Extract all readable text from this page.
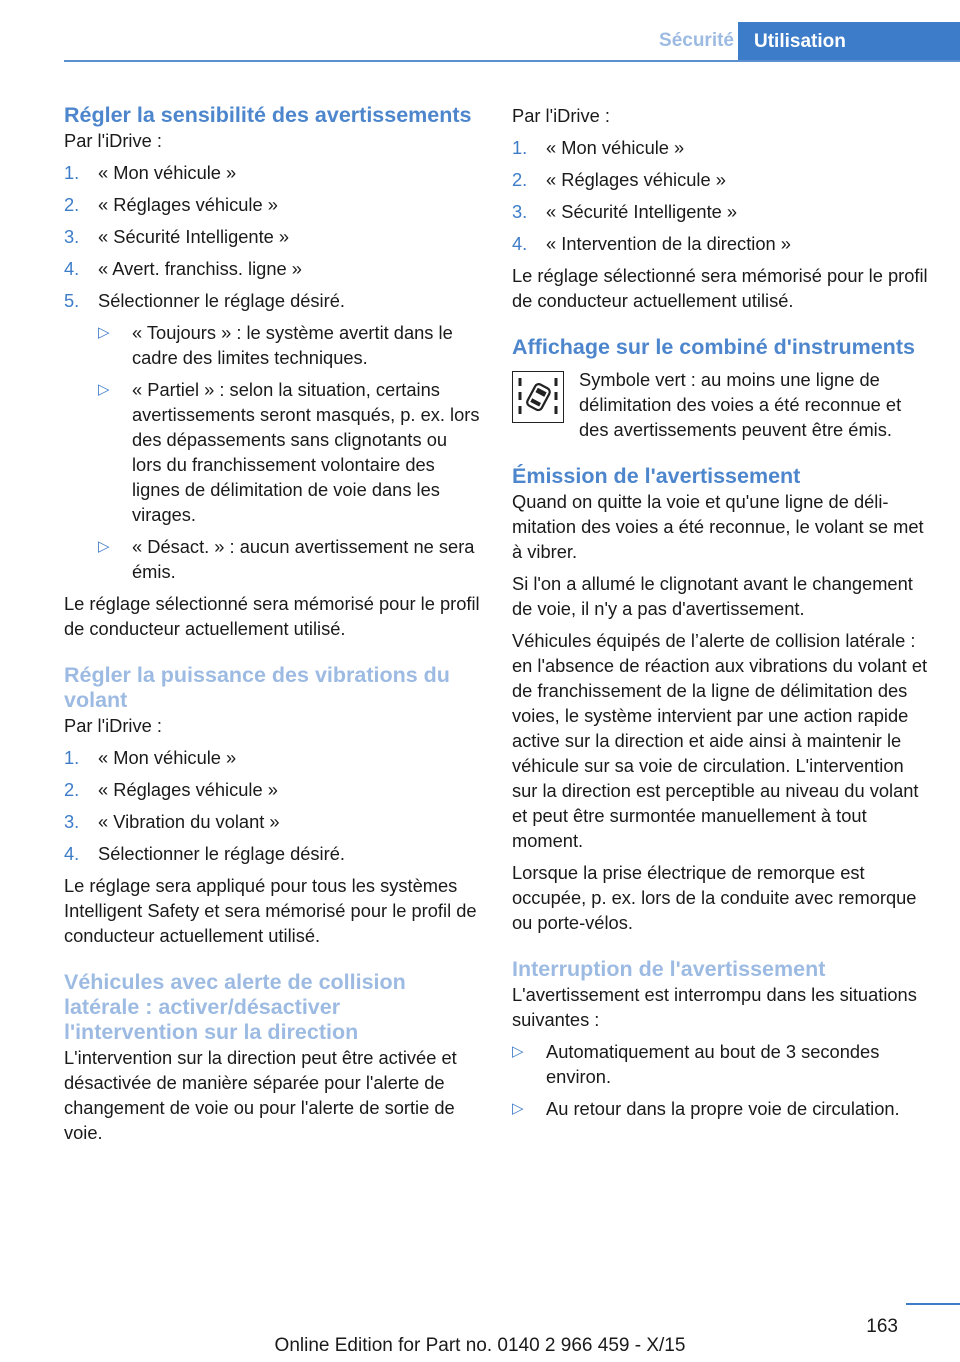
Sécurité	Utilisation
Régler la sensibilité des avertissements

Par l'iDrive :

1. « Mon véhicule »
2. « Réglages véhicule »
3. « Sécurité Intelligente »
4. « Avert. franchiss. ligne »
5. Sélectionner le réglage désiré.
▷ « Toujours » : le système avertit dans le cadre des limites techniques.
▷ « Partiel » : selon la situation, certains avertissements seront masqués, p. ex. lors des dépassements sans clignotants ou lors du franchissement volontaire des lignes de délimitation de voie dans les virages.
▷ « Désact. » : aucun avertissement ne sera émis.

Le réglage sélectionné sera mémorisé pour le profil de conducteur actuellement utilisé.

Régler la puissance des vibrations du volant

Par l'iDrive :

1. « Mon véhicule »
2. « Réglages véhicule »
3. « Vibration du volant »
4. Sélectionner le réglage désiré.

Le réglage sera appliqué pour tous les systèmes Intelligent Safety et sera mémorisé pour le profil de conducteur actuellement utilisé.

Véhicules avec alerte de collision latérale : activer/désactiver l'intervention sur la direction

L'intervention sur la direction peut être activée et désactivée de manière séparée pour l'alerte de changement de voie ou pour l'alerte de sortie de voie.

Par l'iDrive :

1. « Mon véhicule »
2. « Réglages véhicule »
3. « Sécurité Intelligente »
4. « Intervention de la direction »

Le réglage sélectionné sera mémorisé pour le profil de conducteur actuellement utilisé.

Affichage sur le combiné d'instruments

Symbole vert : au moins une ligne de délimitation des voies a été reconnue et des avertissements peuvent être émis.

Émission de l'avertissement

Quand on quitte la voie et qu'une ligne de délimitation des voies a été reconnue, le volant se met à vibrer.

Si l'on a allumé le clignotant avant le changement de voie, il n'y a pas d'avertissement.

Véhicules équipés de l’alerte de collision latérale : en l'absence de réaction aux vibrations du volant et de franchissement de la ligne de délimitation des voies, le système intervient par une action rapide active sur la direction et aide ainsi à maintenir le véhicule sur sa voie de circulation. L'intervention sur la direction est perceptible au niveau du volant et peut être surmontée manuellement à tout moment.

Lorsque la prise électrique de remorque est occupée, p. ex. lors de la conduite avec remorque ou porte-vélos.

Interruption de l'avertissement

L'avertissement est interrompu dans les situations suivantes :

▷ Automatiquement au bout de 3 secondes environ.
▷ Au retour dans la propre voie de circulation.
163
Online Edition for Part no. 0140 2 966 459 - X/15
